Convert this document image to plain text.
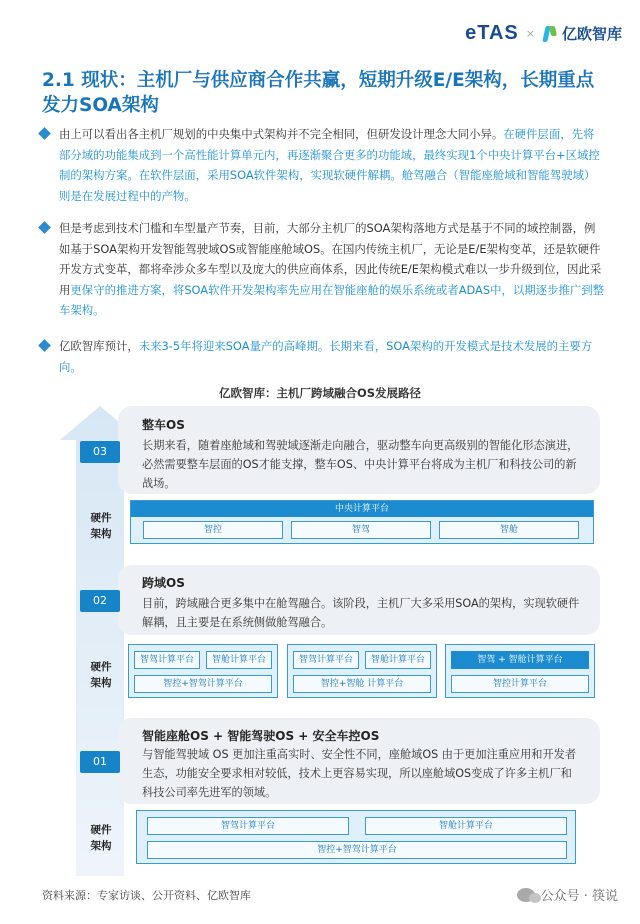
eTAS × 亿欧智库
2.1 现状：主机厂与供应商合作共赢，短期升级E/E架构，长期重点发力SOA架构
由上可以看出各主机厂规划的中央集中式架构并不完全相同，但研发设计理念大同小异。在硬件层面，先将部分域的功能集成到一个高性能计算单元内，再逐渐聚合更多的功能域，最终实现1个中央计算平台+区域控制的架构方案。在软件层面，采用SOA软件架构，实现软硬件解耦。舱驾融合（智能座舱域和智能驾驶域）则是在发展过程中的产物。
但是考虑到技术门槛和车型量产节奏，目前，大部分主机厂的SOA架构落地方式是基于不同的域控制器，例如基于SOA架构开发智能驾驶域OS或智能座舱域OS。在国内传统主机厂，无论是E/E架构变革，还是软硬件开发方式变革，都将牵涉众多车型以及庞大的供应商体系，因此传统E/E架构模式难以一步升级到位，因此采用更保守的推进方案，将SOA软件开发架构率先应用在智能座舱的娱乐系统或者ADAS中，以期逐步推广到整车架构。
亿欧智库预计，未来3-5年将迎来SOA量产的高峰期。长期来看，SOA架构的开发模式是技术发展的主要方向。
亿欧智库：主机厂跨域融合OS发展路径
整车OS
长期来看，随着座舱域和驾驶域逐渐走向融合，驱动整车向更高级别的智能化形态演进，必然需要整车层面的OS才能支撑，整车OS、中央计算平台将成为主机厂和科技公司的新战场。
03
硬件架构
中央计算平台
智控	智驾	智舱
跨域OS
目前，跨域融合更多集中在舱驾融合。该阶段，主机厂大多采用SOA的架构，实现软硬件解耦，且主要是在系统侧做舱驾融合。
02
硬件架构
智驾计算平台	智舱计算平台
智控+智驾计算平台
智驾计算平台	智舱计算平台
智控+智舱 计算平台
智驾 + 智舱计算平台
智控计算平台
智能座舱OS + 智能驾驶OS + 安全车控OS
与智能驾驶域 OS 更加注重高实时、安全性不同，座舱域OS 由于更加注重应用和开发者生态，功能安全要求相对较低，技术上更容易实现，所以座舱域OS变成了许多主机厂和科技公司率先进军的领域。
01
硬件架构
智驾计算平台	智舱计算平台
智控+智驾计算平台
资料来源：专家访谈、公开资料、亿欧智库	公众号 · 筷说
